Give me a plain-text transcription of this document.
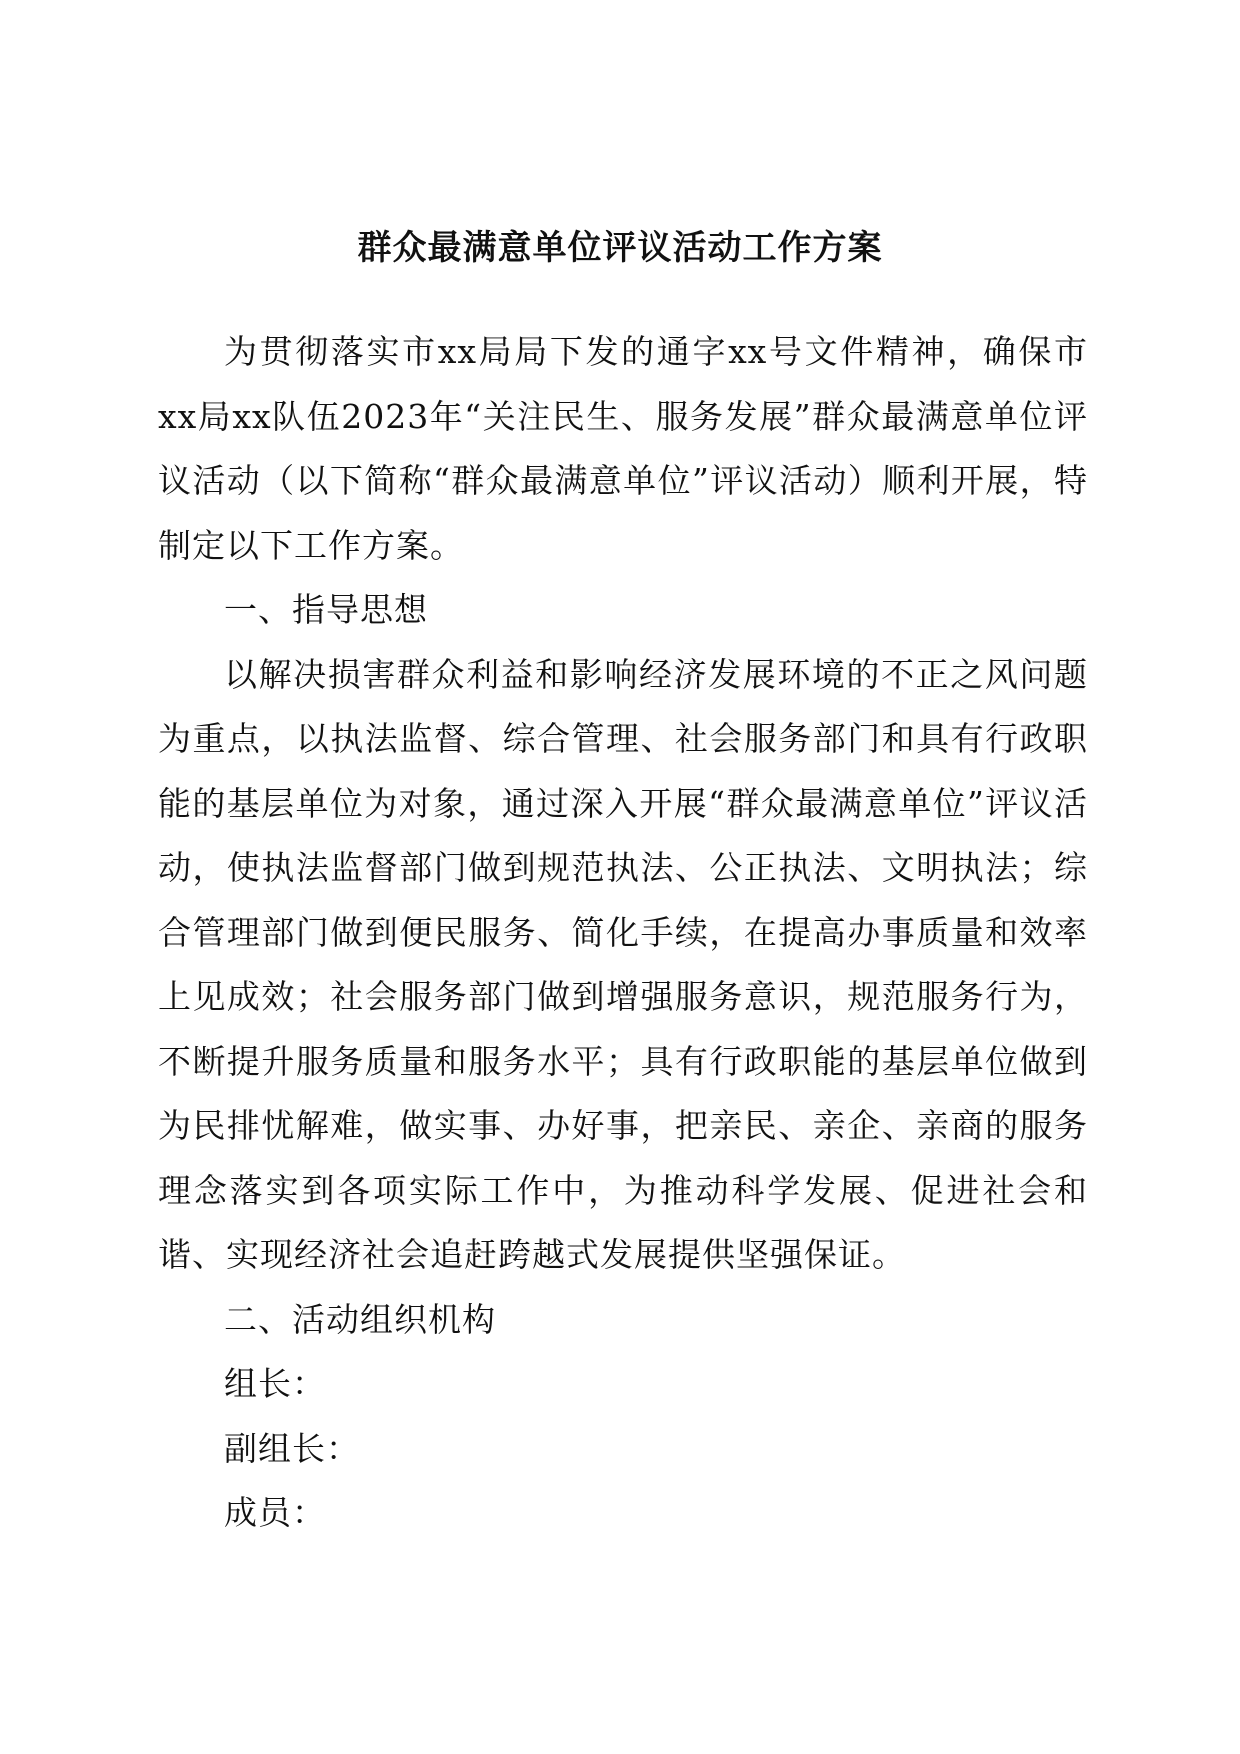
群众最满意单位评议活动工作方案

为贯彻落实市xx局局下发的通字xx号文件精神，确保市xx局xx队伍2023年“关注民生、服务发展”群众最满意单位评议活动（以下简称“群众最满意单位”评议活动）顺利开展，特制定以下工作方案。

一、指导思想

以解决损害群众利益和影响经济发展环境的不正之风问题为重点，以执法监督、综合管理、社会服务部门和具有行政职能的基层单位为对象，通过深入开展“群众最满意单位”评议活动，使执法监督部门做到规范执法、公正执法、文明执法；综合管理部门做到便民服务、简化手续，在提高办事质量和效率上见成效；社会服务部门做到增强服务意识，规范服务行为，不断提升服务质量和服务水平；具有行政职能的基层单位做到为民排忧解难，做实事、办好事，把亲民、亲企、亲商的服务理念落实到各项实际工作中，为推动科学发展、促进社会和谐、实现经济社会追赶跨越式发展提供坚强保证。

二、活动组织机构

组长：

副组长：

成员：
